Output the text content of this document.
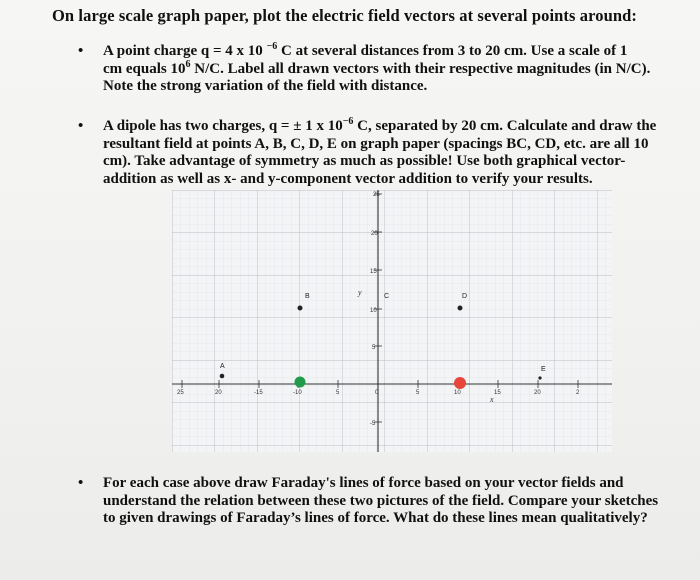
On large scale graph paper, plot the electric field vectors at several points around:
• A point charge q = 4 x 10 $^{-6}$ C at several distances from 3 to 20 cm. Use a scale of 1
cm equals $10^6$ N/C. Label all drawn vectors with their respective magnitudes (in N/C).
Note the strong variation of the field with distance.
• A dipole has two charges, q = ± 1 x $10^{-6}$ C, separated by 20 cm. Calculate and draw the
resultant field at points A, B, C, D, E on graph paper (spacings BC, CD, etc. are all 10
cm). Take advantage of symmetry as much as possible! Use both graphical vector-
addition as well as x- and y-component vector addition to verify your results.
25
20
15
10
5
-5
25	20	-15	-10	5	0	5	10	15	20	2
y
x
A
B	C	D
E
• For each case above draw Faraday's lines of force based on your vector fields and
understand the relation between these two pictures of the field. Compare your sketches
to given drawings of Faraday’s lines of force. What do these lines mean qualitatively?
